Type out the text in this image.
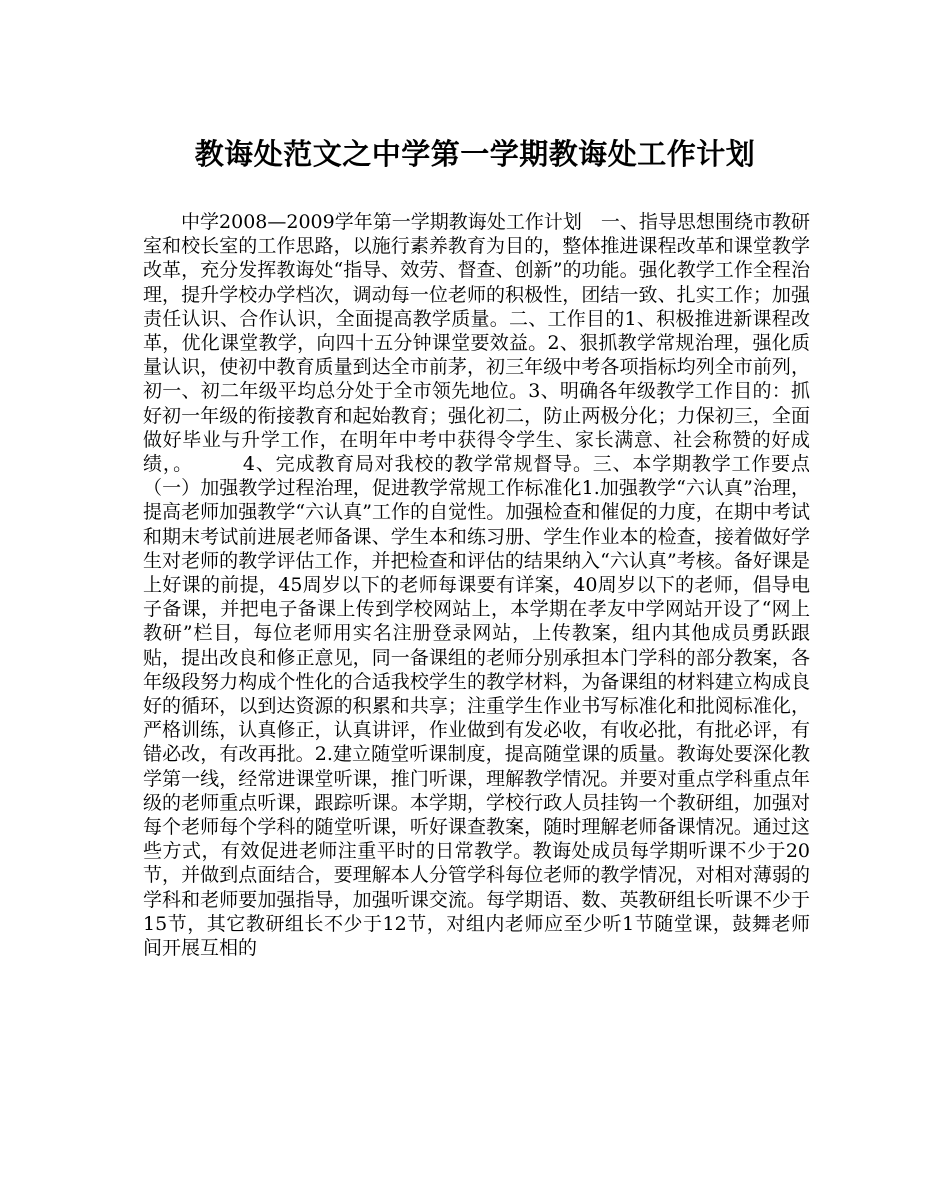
教诲处范文之中学第一学期教诲处工作计划

中学2008—2009学年第一学期教诲处工作计划　一、指导思想围绕市教研室和校长室的工作思路，以施行素养教育为目的，整体推进课程改革和课堂教学改革，充分发挥教诲处“指导、效劳、督查、创新”的功能。强化教学工作全程治理，提升学校办学档次，调动每一位老师的积极性，团结一致、扎实工作；加强责任认识、合作认识，全面提高教学质量。二、工作目的1、积极推进新课程改革，优化课堂教学，向四十五分钟课堂要效益。2、狠抓教学常规治理，强化质量认识，使初中教育质量到达全市前茅，初三年级中考各项指标均列全市前列，初一、初二年级平均总分处于全市领先地位。3、明确各年级教学工作目的：抓好初一年级的衔接教育和起始教育；强化初二，防止两极分化；力保初三，全面做好毕业与升学工作，在明年中考中获得令学生、家长满意、社会称赞的好成绩，。　　　4、完成教育局对我校的教学常规督导。三、本学期教学工作要点（一）加强教学过程治理，促进教学常规工作标准化1.加强教学“六认真”治理，提高老师加强教学“六认真”工作的自觉性。加强检查和催促的力度，在期中考试和期末考试前进展老师备课、学生本和练习册、学生作业本的检查，接着做好学生对老师的教学评估工作，并把检查和评估的结果纳入“六认真”考核。备好课是上好课的前提，45周岁以下的老师每课要有详案，40周岁以下的老师，倡导电子备课，并把电子备课上传到学校网站上，本学期在孝友中学网站开设了“网上教研”栏目，每位老师用实名注册登录网站，上传教案，组内其他成员勇跃跟贴，提出改良和修正意见，同一备课组的老师分别承担本门学科的部分教案，各年级段努力构成个性化的合适我校学生的教学材料，为备课组的材料建立构成良好的循环，以到达资源的积累和共享；注重学生作业书写标准化和批阅标准化，严格训练，认真修正，认真讲评，作业做到有发必收，有收必批，有批必评，有错必改，有改再批。2.建立随堂听课制度，提高随堂课的质量。教诲处要深化教学第一线，经常进课堂听课，推门听课，理解教学情况。并要对重点学科重点年级的老师重点听课，跟踪听课。本学期，学校行政人员挂钩一个教研组，加强对每个老师每个学科的随堂听课，听好课查教案，随时理解老师备课情况。通过这些方式，有效促进老师注重平时的日常教学。教诲处成员每学期听课不少于20节，并做到点面结合，要理解本人分管学科每位老师的教学情况，对相对薄弱的学科和老师要加强指导，加强听课交流。每学期语、数、英教研组长听课不少于15节，其它教研组长不少于12节，对组内老师应至少听1节随堂课，鼓舞老师间开展互相的
